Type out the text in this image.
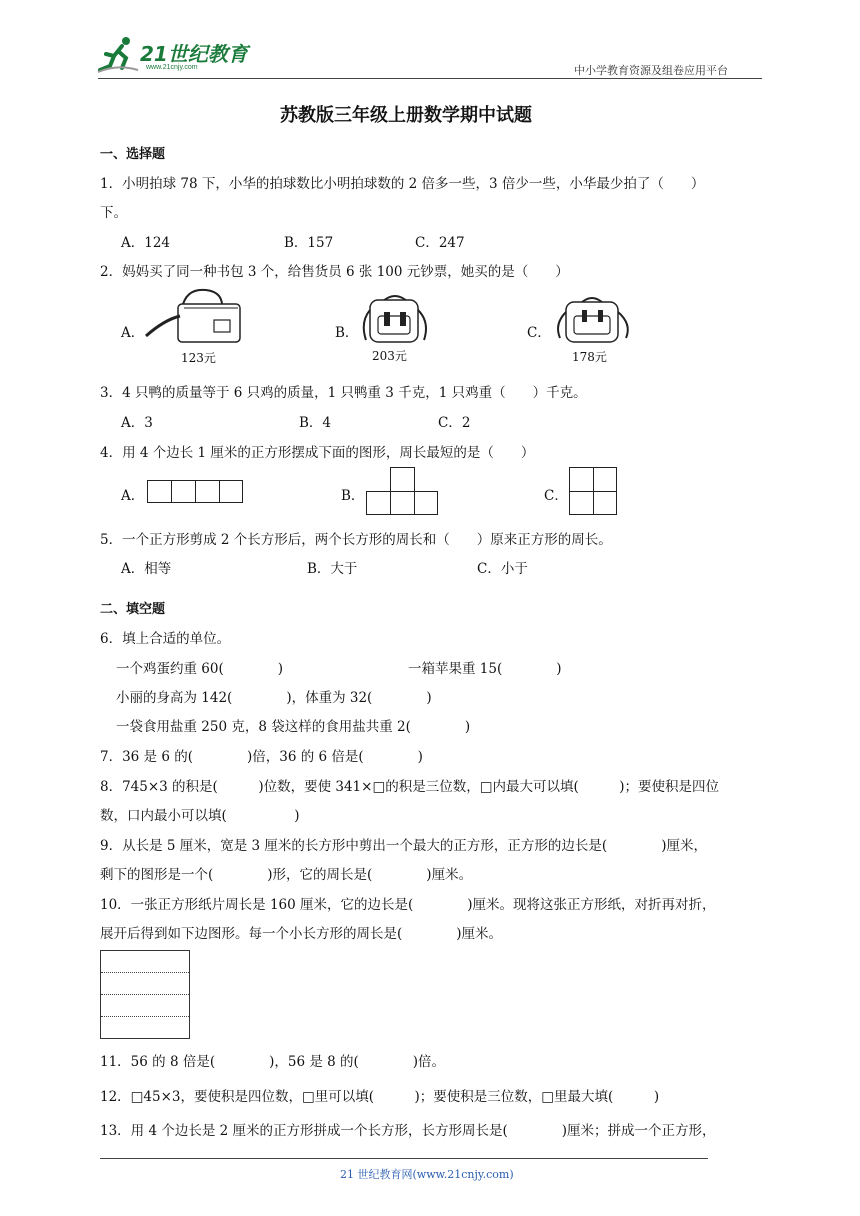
21世纪教育
www.21cnjy.com	中小学教育资源及组卷应用平台
苏教版三年级上册数学期中试题
一、选择题
1．小明拍球 78 下，小华的拍球数比小明拍球数的 2 倍多一些，3 倍少一些，小华最少拍了（　　）
下。
A．124	B．157	C．247
2．妈妈买了同一种书包 3 个，给售货员 6 张 100 元钞票，她买的是（　　）
A．	B．	C．
123元	203元	178元
3．4 只鸭的质量等于 6 只鸡的质量，1 只鸭重 3 千克，1 只鸡重（　　）千克。
A．3	B．4	C．2
4．用 4 个边长 1 厘米的正方形摆成下面的图形，周长最短的是（　　）
A．	B．	C．
5．一个正方形剪成 2 个长方形后，两个长方形的周长和（　　）原来正方形的周长。
A．相等	B．大于	C．小于
二、填空题
6．填上合适的单位。
一个鸡蛋约重 60(　　　　)	一箱苹果重 15(　　　　)
小丽的身高为 142(　　　　)，体重为 32(　　　　)
一袋食用盐重 250 克，8 袋这样的食用盐共重 2(　　　　)
7．36 是 6 的(　　　　)倍，36 的 6 倍是(　　　　)
8．745×3 的积是(　　　)位数，要使 341×□的积是三位数，□内最大可以填(　　　)；要使积是四位
数，口内最小可以填(　　　　　)
9．从长是 5 厘米，宽是 3 厘米的长方形中剪出一个最大的正方形，正方形的边长是(　　　　)厘米，
剩下的图形是一个(　　　　)形，它的周长是(　　　　)厘米。
10．一张正方形纸片周长是 160 厘米，它的边长是(　　　　)厘米。现将这张正方形纸，对折再对折，
展开后得到如下边图形。每一个小长方形的周长是(　　　　)厘米。
11．56 的 8 倍是(　　　　)，56 是 8 的(　　　　)倍。
12．□45×3，要使积是四位数，□里可以填(　　　)；要使积是三位数，□里最大填(　　　)
13．用 4 个边长是 2 厘米的正方形拼成一个长方形，长方形周长是(　　　　)厘米；拼成一个正方形，
21 世纪教育网(www.21cnjy.com)
